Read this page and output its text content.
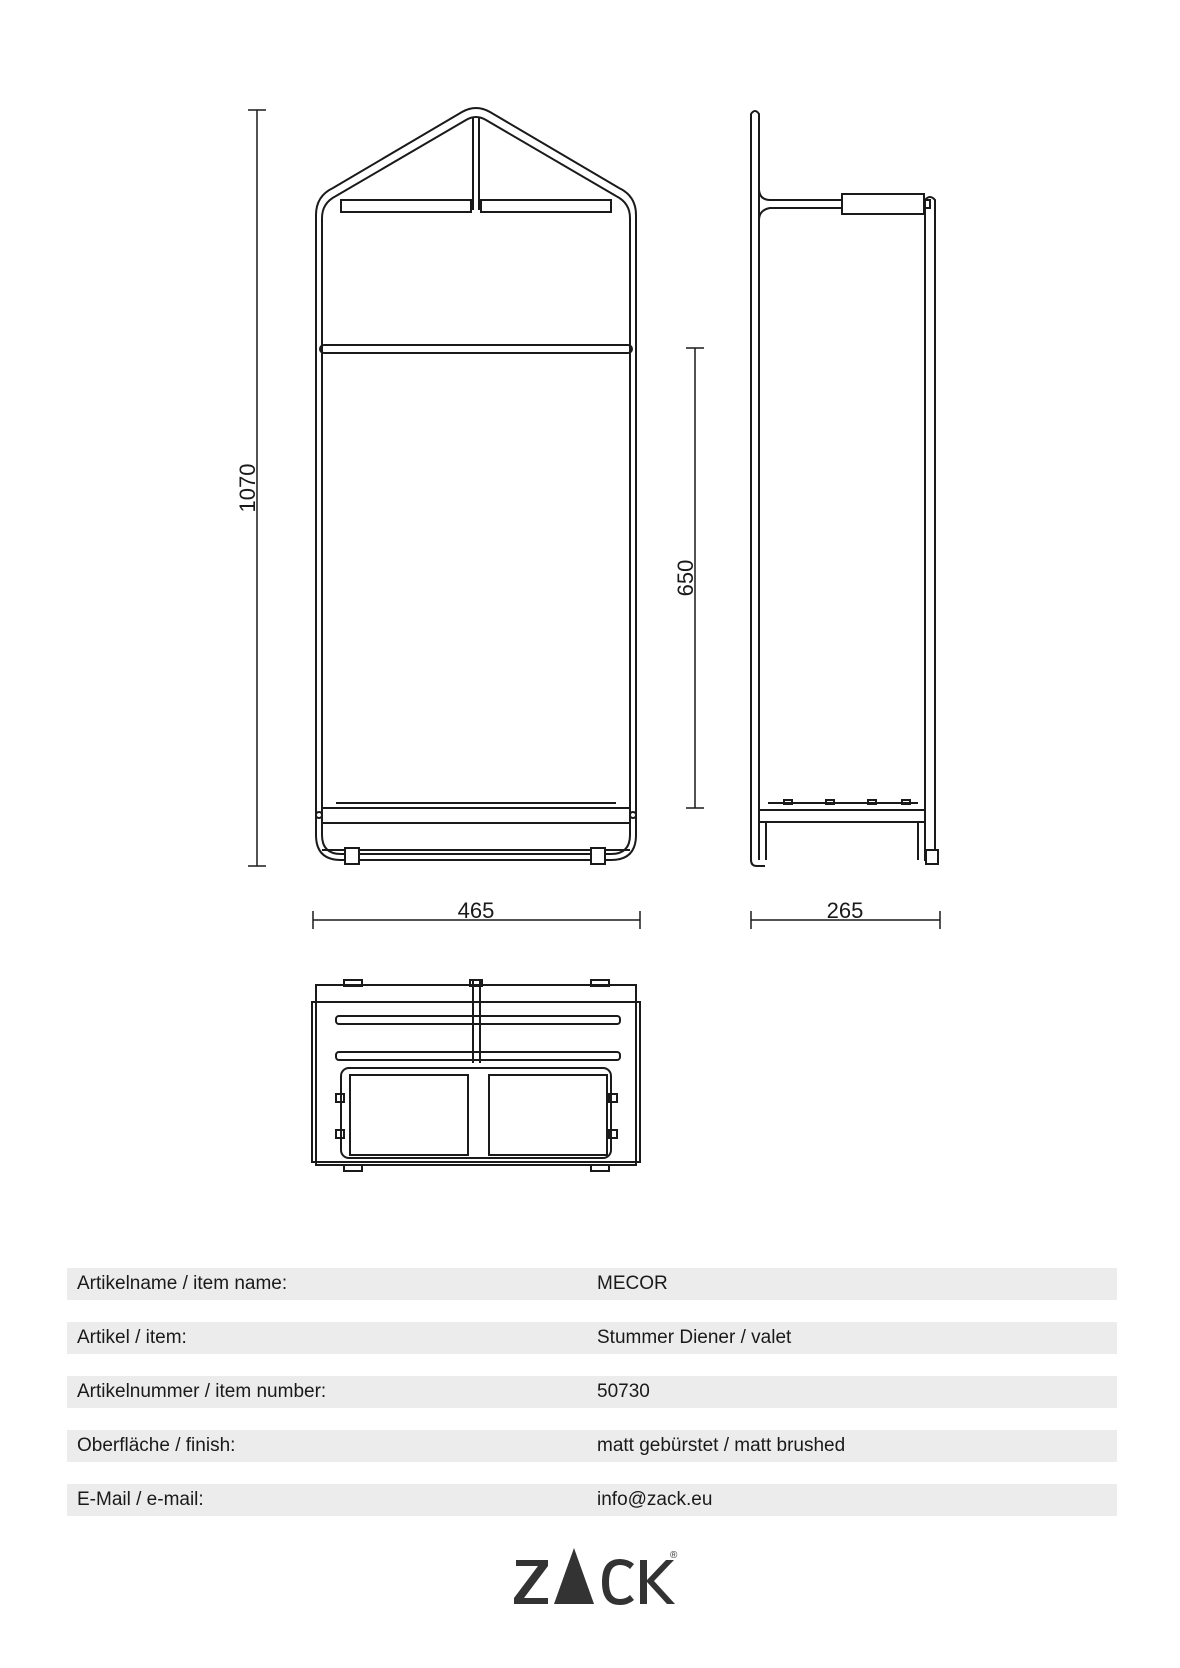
1070
650
465	265
Artikelname / item name:	MECOR
Artikel / item:	Stummer Diener / valet
Artikelnummer / item number:	50730
Oberfläche / finish:	matt gebürstet / matt brushed
E-Mail / e-mail:	info@zack.eu
®
